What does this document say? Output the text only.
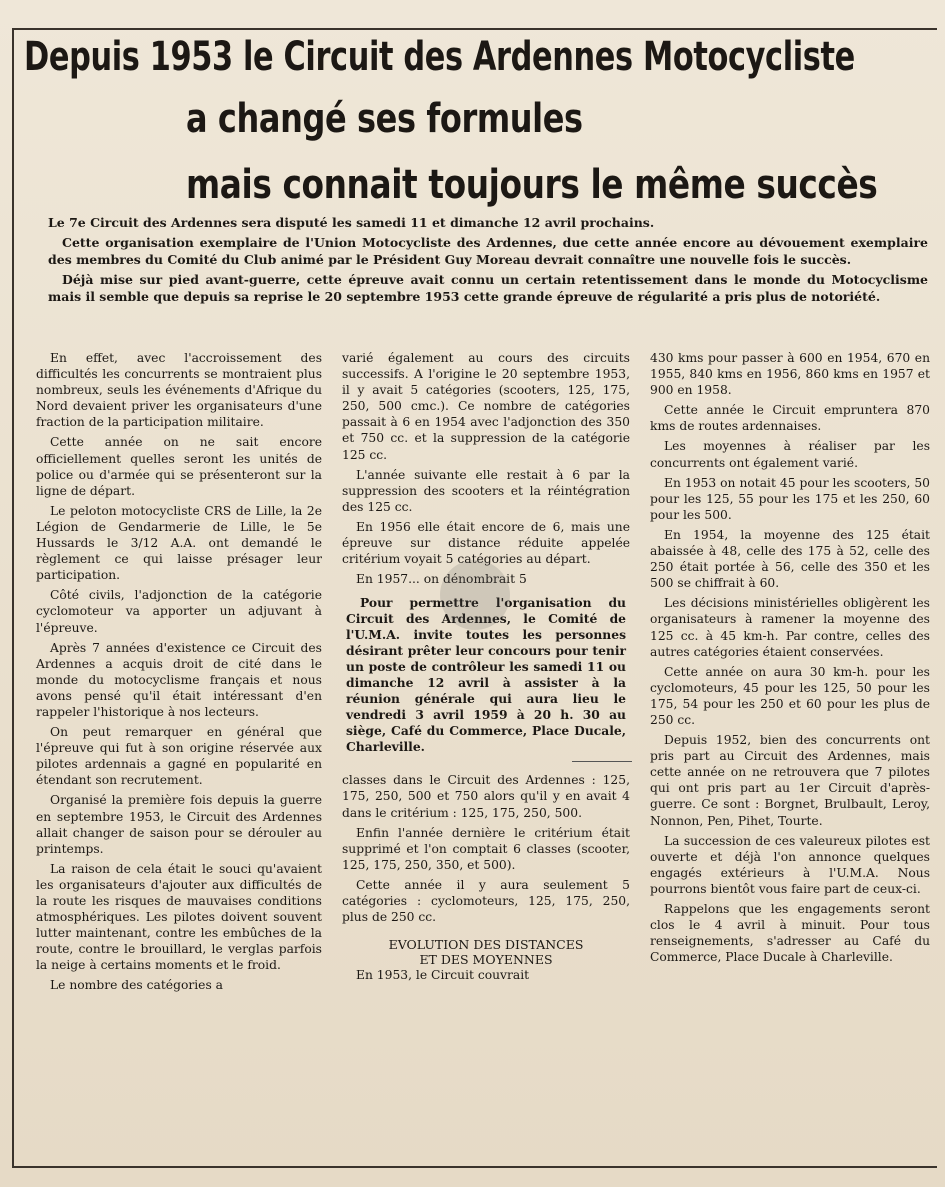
Depuis 1953 le Circuit des Ardennes Motocycliste
a changé ses formules
mais connait toujours le même succès

Le 7e Circuit des Ardennes sera disputé les samedi 11 et dimanche 12 avril prochains.

Cette organisation exemplaire de l'Union Motocycliste des Ardennes, due cette année encore au dévouement exemplaire des membres du Comité du Club animé par le Président Guy Moreau devrait connaître une nouvelle fois le succès.

Déjà mise sur pied avant-guerre, cette épreuve avait connu un certain retentissement dans le monde du Motocyclisme mais il semble que depuis sa reprise le 20 septembre 1953 cette grande épreuve de régularité a pris plus de notoriété.

En effet, avec l'accroissement des difficultés les concurrents se montraient plus nombreux, seuls les événements d'Afrique du Nord devaient priver les organisateurs d'une fraction de la participation militaire.

Cette année on ne sait encore officiellement quelles seront les unités de police ou d'armée qui se présenteront sur la ligne de départ.

Le peloton motocycliste CRS de Lille, la 2e Légion de Gendarmerie de Lille, le 5e Hussards le 3/12 A.A. ont demandé le règlement ce qui laisse présager leur participation.

Côté civils, l'adjonction de la catégorie cyclomoteur va apporter un adjuvant à l'épreuve.

Après 7 années d'existence ce Circuit des Ardennes a acquis droit de cité dans le monde du motocyclisme français et nous avons pensé qu'il était intéressant d'en rappeler l'historique à nos lecteurs.

On peut remarquer en général que l'épreuve qui fut à son origine réservée aux pilotes ardennais a gagné en popularité en étendant son recrutement.

Organisé la première fois depuis la guerre en septembre 1953, le Circuit des Ardennes allait changer de saison pour se dérouler au printemps.

La raison de cela était le souci qu'avaient les organisateurs d'ajouter aux difficultés de la route les risques de mauvaises conditions atmosphériques. Les pilotes doivent souvent lutter maintenant, contre les embûches de la route, contre le brouillard, le verglas parfois la neige à certains moments et le froid.

Le nombre des catégories a

varié également au cours des circuits successifs. A l'origine le 20 septembre 1953, il y avait 5 catégories (scooters, 125, 175, 250, 500 cmc.). Ce nombre de catégories passait à 6 en 1954 avec l'adjonction des 350 et 750 cc. et la suppression de la catégorie 125 cc.

L'année suivante elle restait à 6 par la suppression des scooters et la réintégration des 125 cc.

En 1956 elle était encore de 6, mais une épreuve sur distance réduite appelée critérium voyait 5 catégories au départ.

En 1957... on dénombrait 5

Pour permettre l'organisation du Circuit des Ardennes, le Comité de l'U.M.A. invite toutes les personnes désirant prêter leur concours pour tenir un poste de contrôleur les samedi 11 ou dimanche 12 avril à assister à la réunion générale qui aura lieu le vendredi 3 avril 1959 à 20 h. 30 au siège, Café du Commerce, Place Ducale, Charleville.

classes dans le Circuit des Ardennes : 125, 175, 250, 500 et 750 alors qu'il y en avait 4 dans le critérium : 125, 175, 250, 500.

Enfin l'année dernière le critérium était supprimé et l'on comptait 6 classes (scooter, 125, 175, 250, 350, et 500).

Cette année il y aura seulement 5 catégories : cyclomoteurs, 125, 175, 250, plus de 250 cc.

EVOLUTION DES DISTANCES

ET DES MOYENNES

En 1953, le Circuit couvrait

430 kms pour passer à 600 en 1954, 670 en 1955, 840 kms en 1956, 860 kms en 1957 et 900 en 1958.

Cette année le Circuit empruntera 870 kms de routes ardennaises.

Les moyennes à réaliser par les concurrents ont également varié.

En 1953 on notait 45 pour les scooters, 50 pour les 125, 55 pour les 175 et les 250, 60 pour les 500.

En 1954, la moyenne des 125 était abaissée à 48, celle des 175 à 52, celle des 250 était portée à 56, celle des 350 et les 500 se chiffrait à 60.

Les décisions ministérielles obligèrent les organisateurs à ramener la moyenne des 125 cc. à 45 km-h. Par contre, celles des autres catégories étaient conservées.

Cette année on aura 30 km-h. pour les cyclomoteurs, 45 pour les 125, 50 pour les 175, 54 pour les 250 et 60 pour les plus de 250 cc.

Depuis 1952, bien des concurrents ont pris part au Circuit des Ardennes, mais cette année on ne retrouvera que 7 pilotes qui ont pris part au 1er Circuit d'après-guerre. Ce sont : Borgnet, Brulbault, Leroy, Nonnon, Pen, Pihet, Tourte.

La succession de ces valeureux pilotes est ouverte et déjà l'on annonce quelques engagés extérieurs à l'U.M.A. Nous pourrons bientôt vous faire part de ceux-ci.

Rappelons que les engagements seront clos le 4 avril à minuit. Pour tous renseignements, s'adresser au Café du Commerce, Place Ducale à Charleville.
